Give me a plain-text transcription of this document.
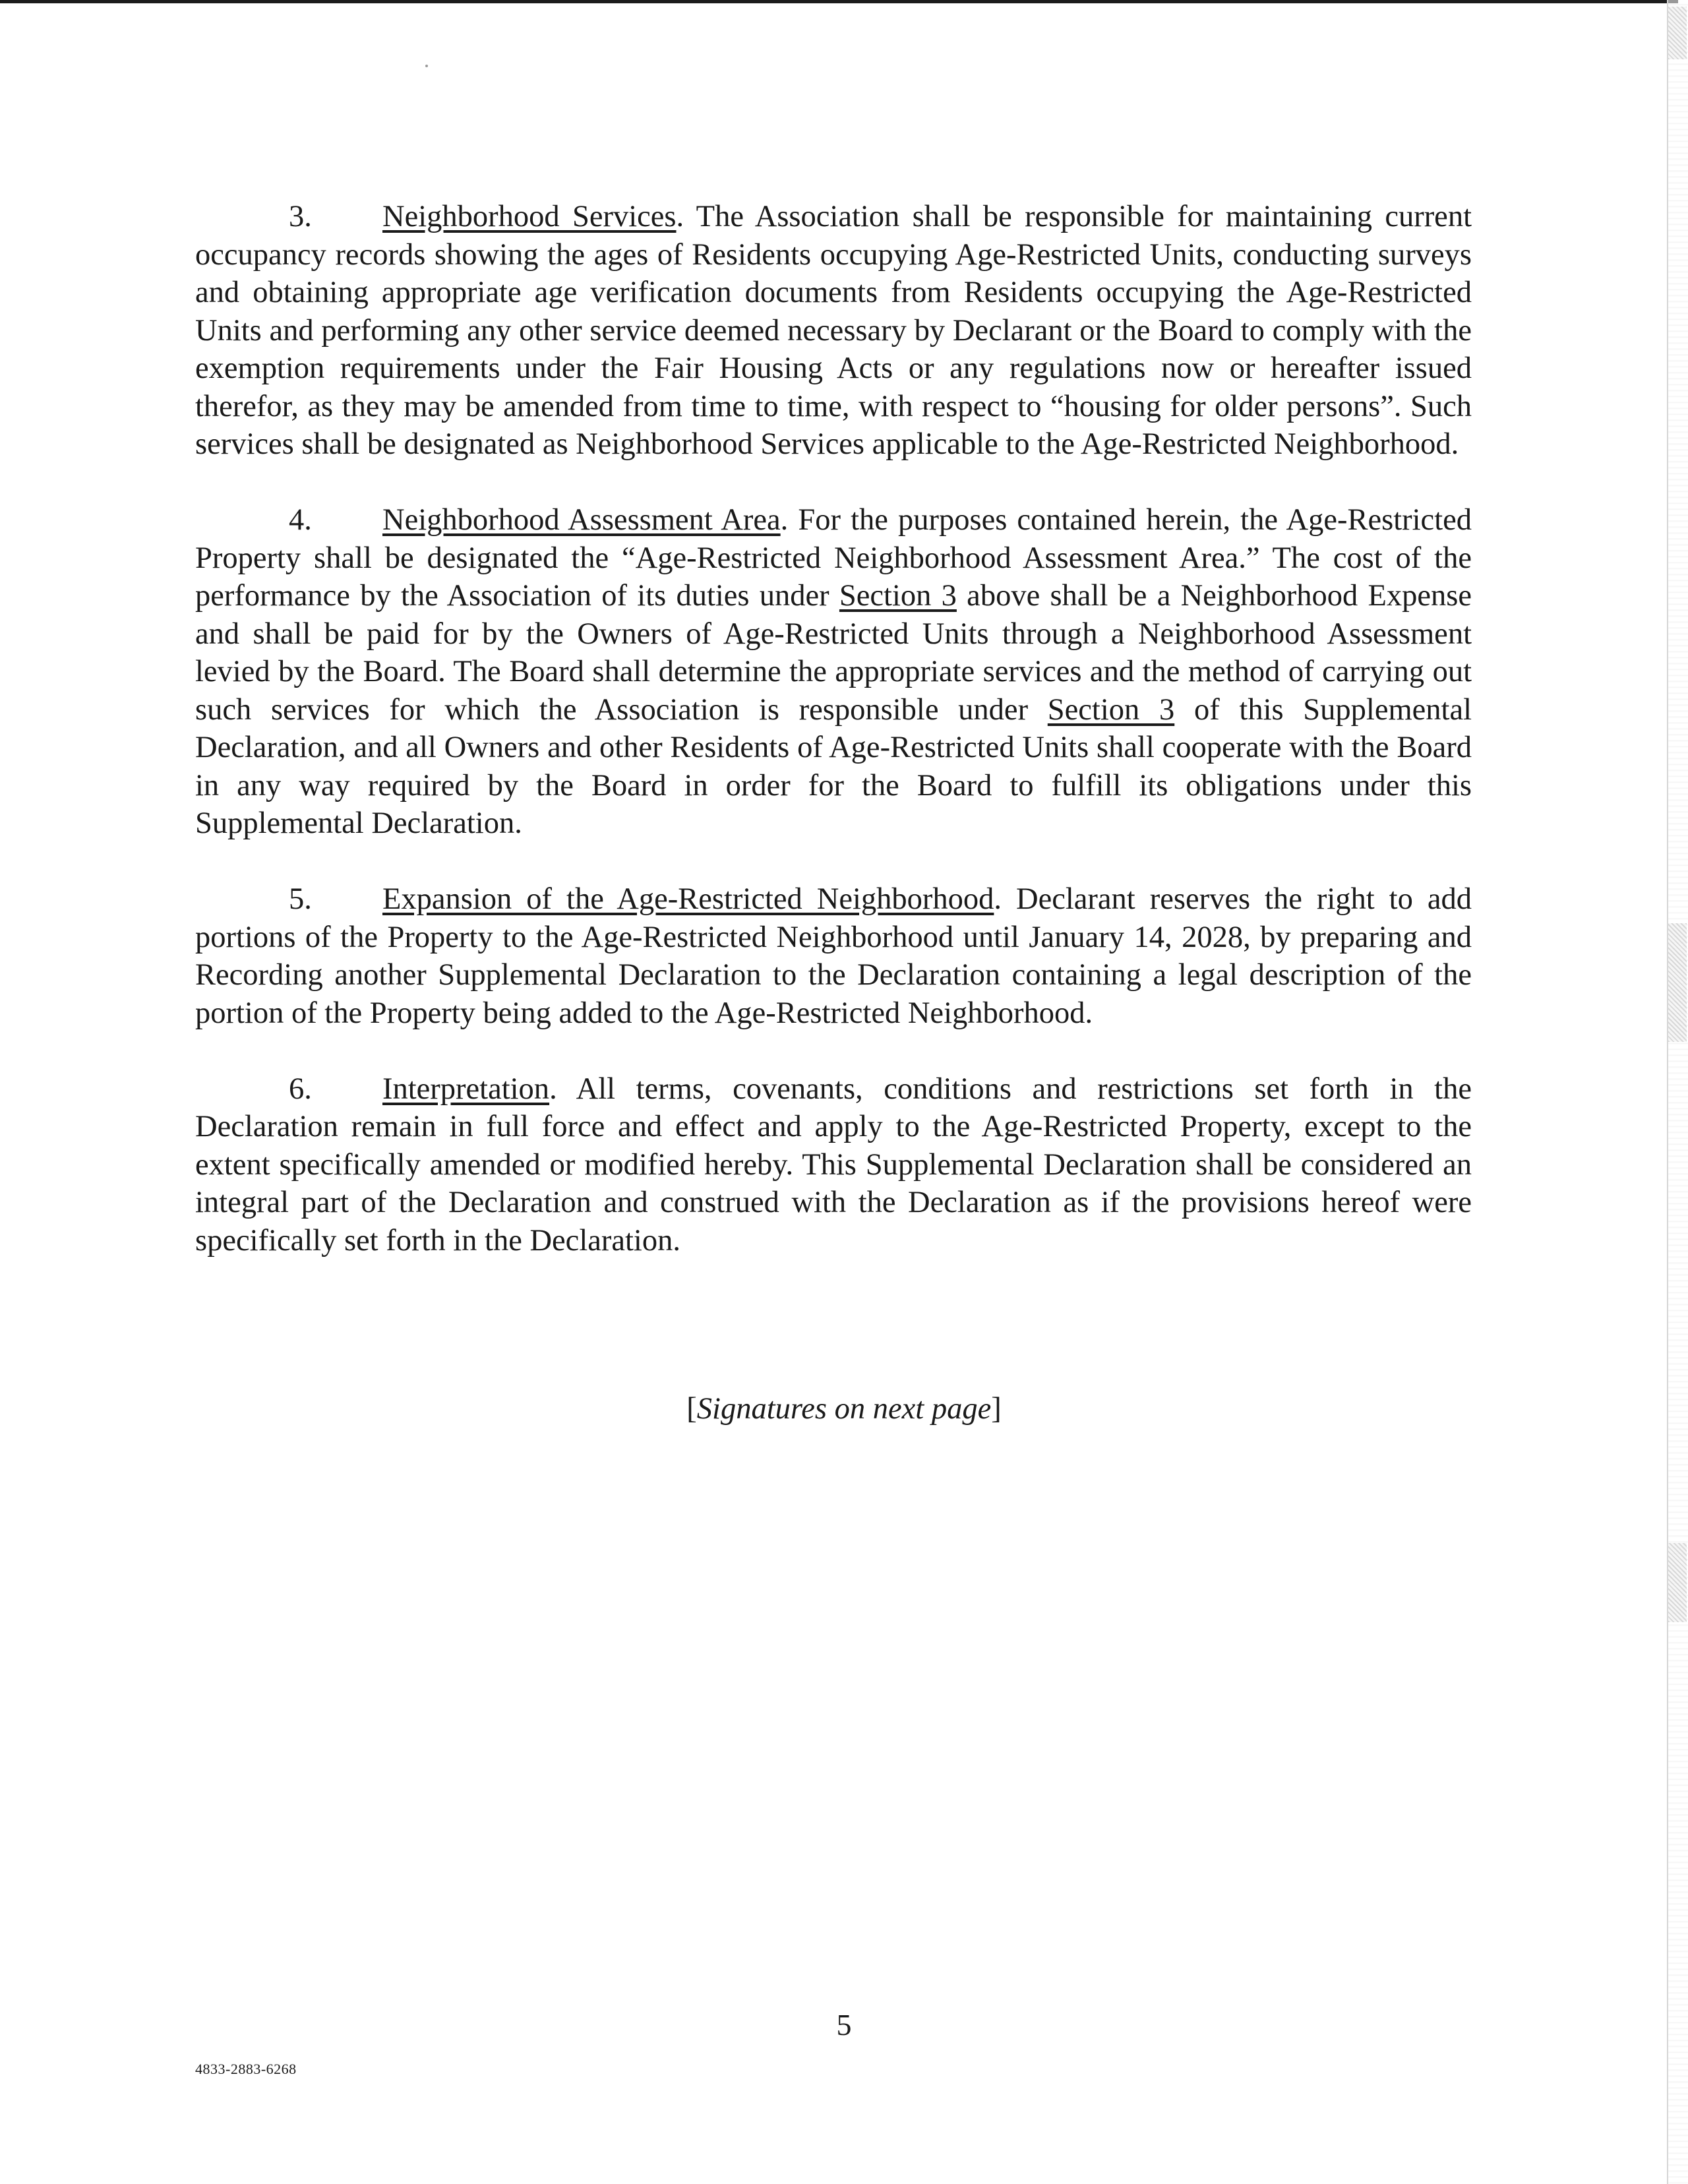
3. Neighborhood Services. The Association shall be responsible for maintaining current occupancy records showing the ages of Residents occupying Age-Restricted Units, conducting surveys and obtaining appropriate age verification documents from Residents occupying the Age-Restricted Units and performing any other service deemed necessary by Declarant or the Board to comply with the exemption requirements under the Fair Housing Acts or any regulations now or hereafter issued therefor, as they may be amended from time to time, with respect to “housing for older persons”. Such services shall be designated as Neighborhood Services applicable to the Age-Restricted Neighborhood.

4. Neighborhood Assessment Area. For the purposes contained herein, the Age-Restricted Property shall be designated the “Age-Restricted Neighborhood Assessment Area.” The cost of the performance by the Association of its duties under Section 3 above shall be a Neighborhood Expense and shall be paid for by the Owners of Age-Restricted Units through a Neighborhood Assessment levied by the Board. The Board shall determine the appropriate services and the method of carrying out such services for which the Association is responsible under Section 3 of this Supplemental Declaration, and all Owners and other Residents of Age-Restricted Units shall cooperate with the Board in any way required by the Board in order for the Board to fulfill its obligations under this Supplemental Declaration.

5. Expansion of the Age-Restricted Neighborhood. Declarant reserves the right to add portions of the Property to the Age-Restricted Neighborhood until January 14, 2028, by preparing and Recording another Supplemental Declaration to the Declaration containing a legal description of the portion of the Property being added to the Age-Restricted Neighborhood.

6. Interpretation. All terms, covenants, conditions and restrictions set forth in the Declaration remain in full force and effect and apply to the Age-Restricted Property, except to the extent specifically amended or modified hereby. This Supplemental Declaration shall be considered an integral part of the Declaration and construed with the Declaration as if the provisions hereof were specifically set forth in the Declaration.

[Signatures on next page]
5
4833-2883-6268
